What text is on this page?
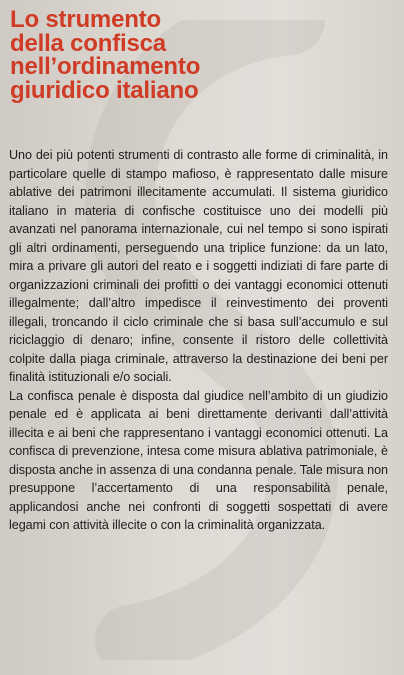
Lo strumento
della confisca
nell’ordinamento
giuridico italiano

Uno dei più potenti strumenti di contrasto alle forme di criminalità, in particolare quelle di stampo mafioso, è rappresentato dalle misure ablative dei patrimoni illecitamente accumulati. Il sistema giuridico italiano in materia di confische costituisce uno dei modelli più avanzati nel panorama internazionale, cui nel tempo si sono ispirati gli altri ordinamenti, perseguendo una triplice funzione: da un lato, mira a privare gli autori del reato e i soggetti indiziati di fare parte di organizzazioni criminali dei profitti o dei vantaggi economici ottenuti illegalmente; dall’altro impedisce il reinvestimento dei proventi illegali, troncando il ciclo criminale che si basa sull’accumulo e sul riciclaggio di denaro; infine, consente il ristoro delle collettività colpite dalla piaga criminale, attraverso la destinazione dei beni per finalità istituzionali e/o sociali.

La confisca penale è disposta dal giudice nell’ambito di un giudizio penale ed è applicata ai beni direttamente derivanti dall’attività illecita e ai beni che rappresentano i vantaggi economici ottenuti. La confisca di prevenzione, intesa come misura ablativa patrimoniale, è disposta anche in assenza di una condanna penale. Tale misura non presuppone l’accertamento di una responsabilità penale, applicandosi anche nei confronti di soggetti sospettati di avere legami con attività illecite o con la criminalità organizzata.
